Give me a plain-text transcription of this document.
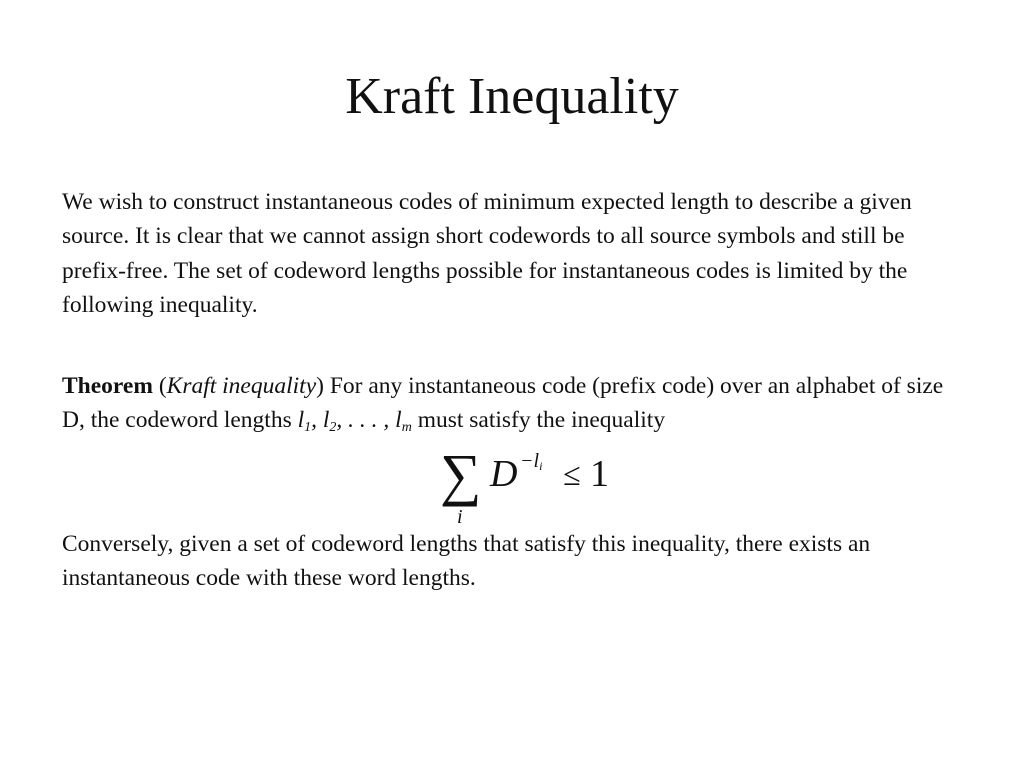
Kraft Inequality

We wish to construct instantaneous codes of minimum expected length to describe a given source. It is clear that we cannot assign short codewords to all source symbols and still be prefix-free. The set of codeword lengths possible for instantaneous codes is limited by the following inequality.

Theorem (Kraft inequality) For any instantaneous code (prefix code) over an alphabet of size D, the codeword lengths $l_1$, $l_2$, . . . , $l_m$ must satisfy the inequality

∑
i
$D -l_i \le 1$

Conversely, given a set of codeword lengths that satisfy this inequality, there exists an instantaneous code with these word lengths.
